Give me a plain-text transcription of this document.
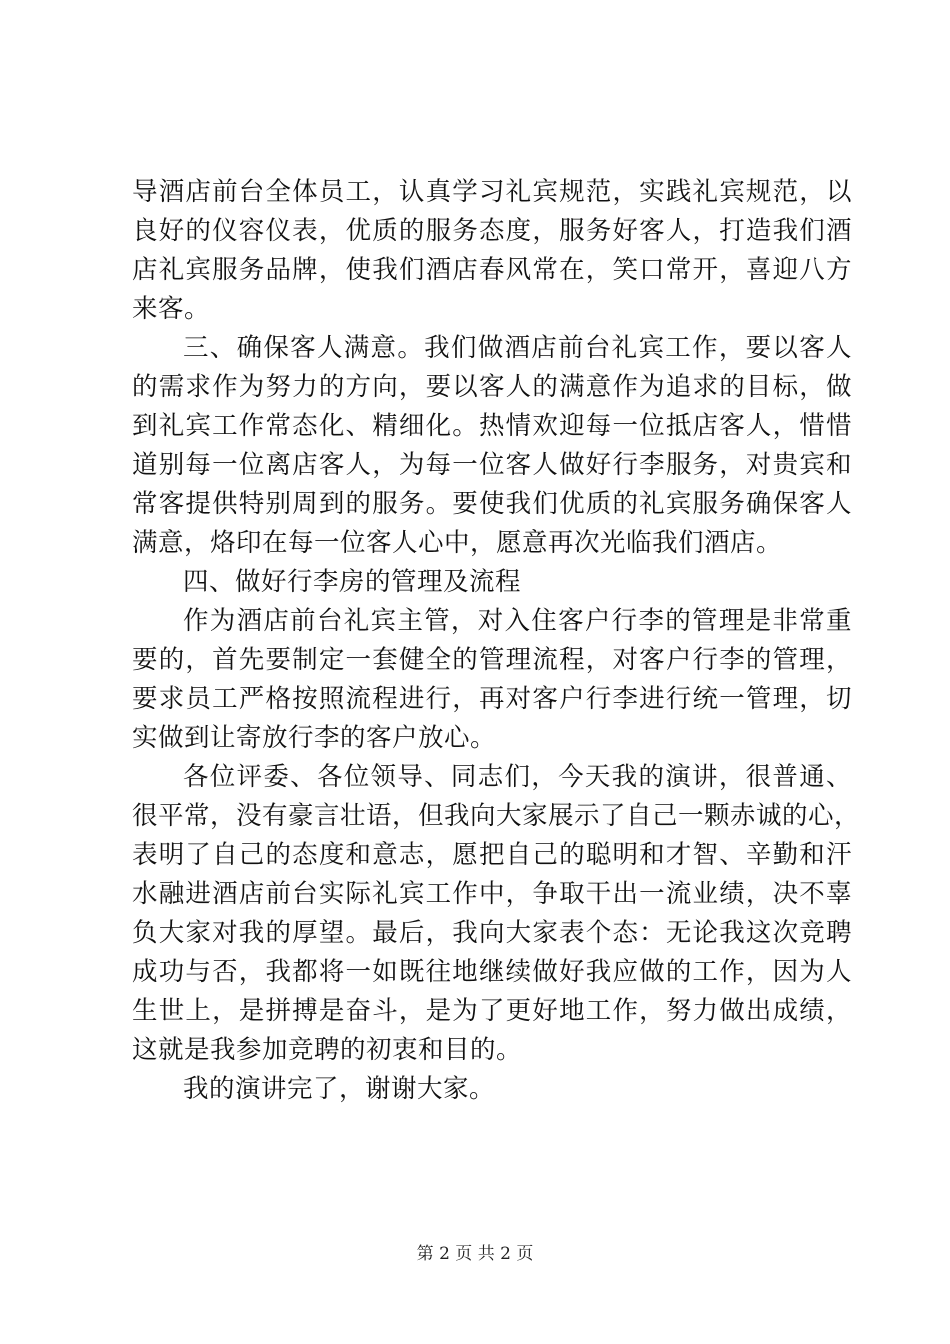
导酒店前台全体员工，认真学习礼宾规范，实践礼宾规范，以
良好的仪容仪表，优质的服务态度，服务好客人，打造我们酒
店礼宾服务品牌，使我们酒店春风常在，笑口常开，喜迎八方
来客。
三、确保客人满意。我们做酒店前台礼宾工作，要以客人
的需求作为努力的方向，要以客人的满意作为追求的目标，做
到礼宾工作常态化、精细化。热情欢迎每一位抵店客人，惜惜
道别每一位离店客人，为每一位客人做好行李服务，对贵宾和
常客提供特别周到的服务。要使我们优质的礼宾服务确保客人
满意，烙印在每一位客人心中，愿意再次光临我们酒店。
四、做好行李房的管理及流程
作为酒店前台礼宾主管，对入住客户行李的管理是非常重
要的，首先要制定一套健全的管理流程，对客户行李的管理，
要求员工严格按照流程进行，再对客户行李进行统一管理，切
实做到让寄放行李的客户放心。
各位评委、各位领导、同志们，今天我的演讲，很普通、
很平常，没有豪言壮语，但我向大家展示了自己一颗赤诚的心，
表明了自己的态度和意志，愿把自己的聪明和才智、辛勤和汗
水融进酒店前台实际礼宾工作中，争取干出一流业绩，决不辜
负大家对我的厚望。最后，我向大家表个态：无论我这次竞聘
成功与否，我都将一如既往地继续做好我应做的工作，因为人
生世上，是拼搏是奋斗，是为了更好地工作，努力做出成绩，
这就是我参加竞聘的初衷和目的。
我的演讲完了，谢谢大家。
第 2 页 共 2 页
